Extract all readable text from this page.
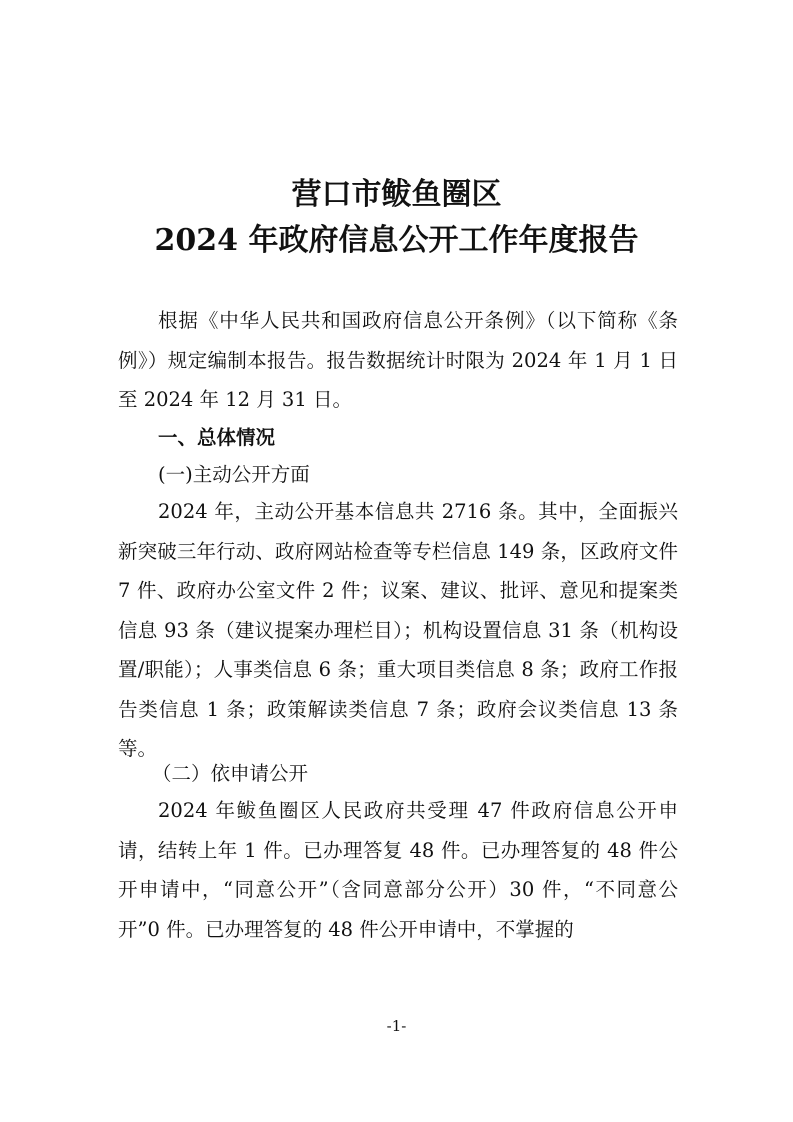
营口市鲅鱼圈区
2024 年政府信息公开工作年度报告

根据《中华人民共和国政府信息公开条例》（以下简称《条例》）规定编制本报告。报告数据统计时限为 2024 年 1 月 1 日至 2024 年 12 月 31 日。

一、总体情况

(一)主动公开方面

2024 年，主动公开基本信息共 2716 条。其中，全面振兴新突破三年行动、政府网站检查等专栏信息 149 条，区政府文件 7 件、政府办公室文件 2 件；议案、建议、批评、意见和提案类信息 93 条（建议提案办理栏目）；机构设置信息 31 条（机构设置/职能）；人事类信息 6 条；重大项目类信息 8 条；政府工作报告类信息 1 条；政策解读类信息 7 条；政府会议类信息 13 条等。

（二）依申请公开

2024 年鲅鱼圈区人民政府共受理 47 件政府信息公开申请，结转上年 1 件。已办理答复 48 件。已办理答复的 48 件公开申请中，“同意公开”（含同意部分公开）30 件，“不同意公开”0 件。已办理答复的 48 件公开申请中，不掌握的

-1-
